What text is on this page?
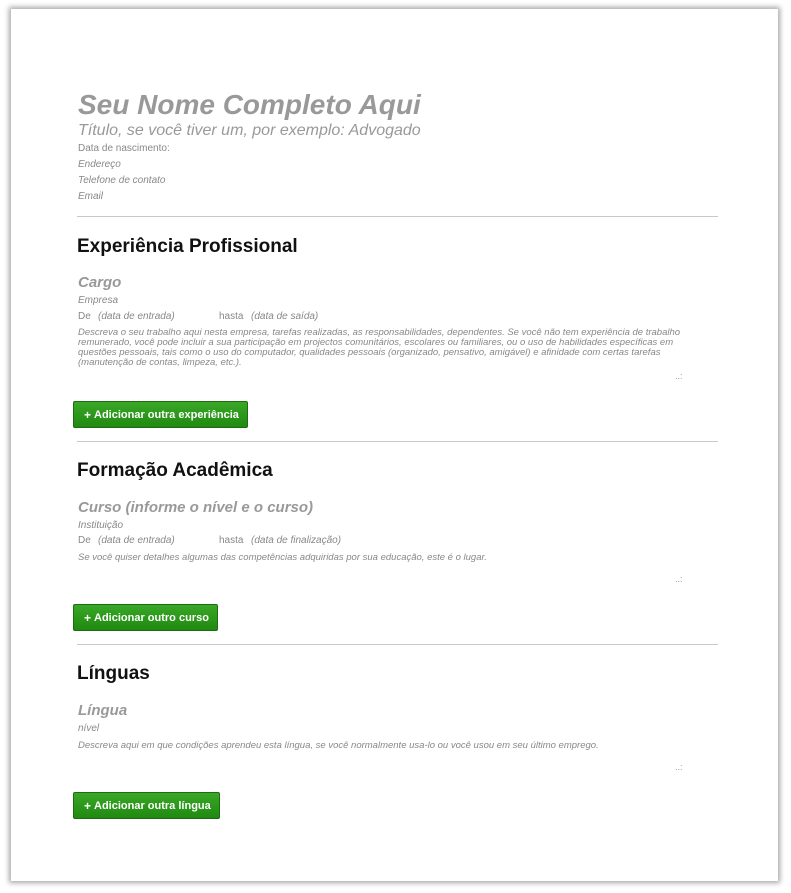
Seu Nome Completo Aqui
Título, se você tiver um, por exemplo: Advogado
Data de nascimento:
Endereço
Telefone de contato
Email
Experiência Profissional
Cargo
Empresa
De (data de entrada)	hasta (data de saída)
Descreva o seu trabalho aqui nesta empresa, tarefas realizadas, as responsabilidades, dependentes. Se você não tem experiência de trabalho remunerado, você pode incluir a sua participação em projectos comunitários, escolares ou familiares, ou o uso de habilidades específicas em questões pessoais, tais como o uso do computador, qualidades pessoais (organizado, pensativo, amigável) e afinidade com certas tarefas (manutenção de contas, limpeza, etc.).
..:
+ Adicionar outra experiência
Formação Acadêmica
Curso (informe o nível e o curso)
Instituição
De (data de entrada)	hasta (data de finalização)
Se você quiser detalhes algumas das competências adquiridas por sua educação, este é o lugar.
..:
+ Adicionar outro curso
Línguas
Língua
nível
Descreva aqui em que condições aprendeu esta língua, se você normalmente usa-lo ou você usou em seu último emprego.
..:
+ Adicionar outra língua
